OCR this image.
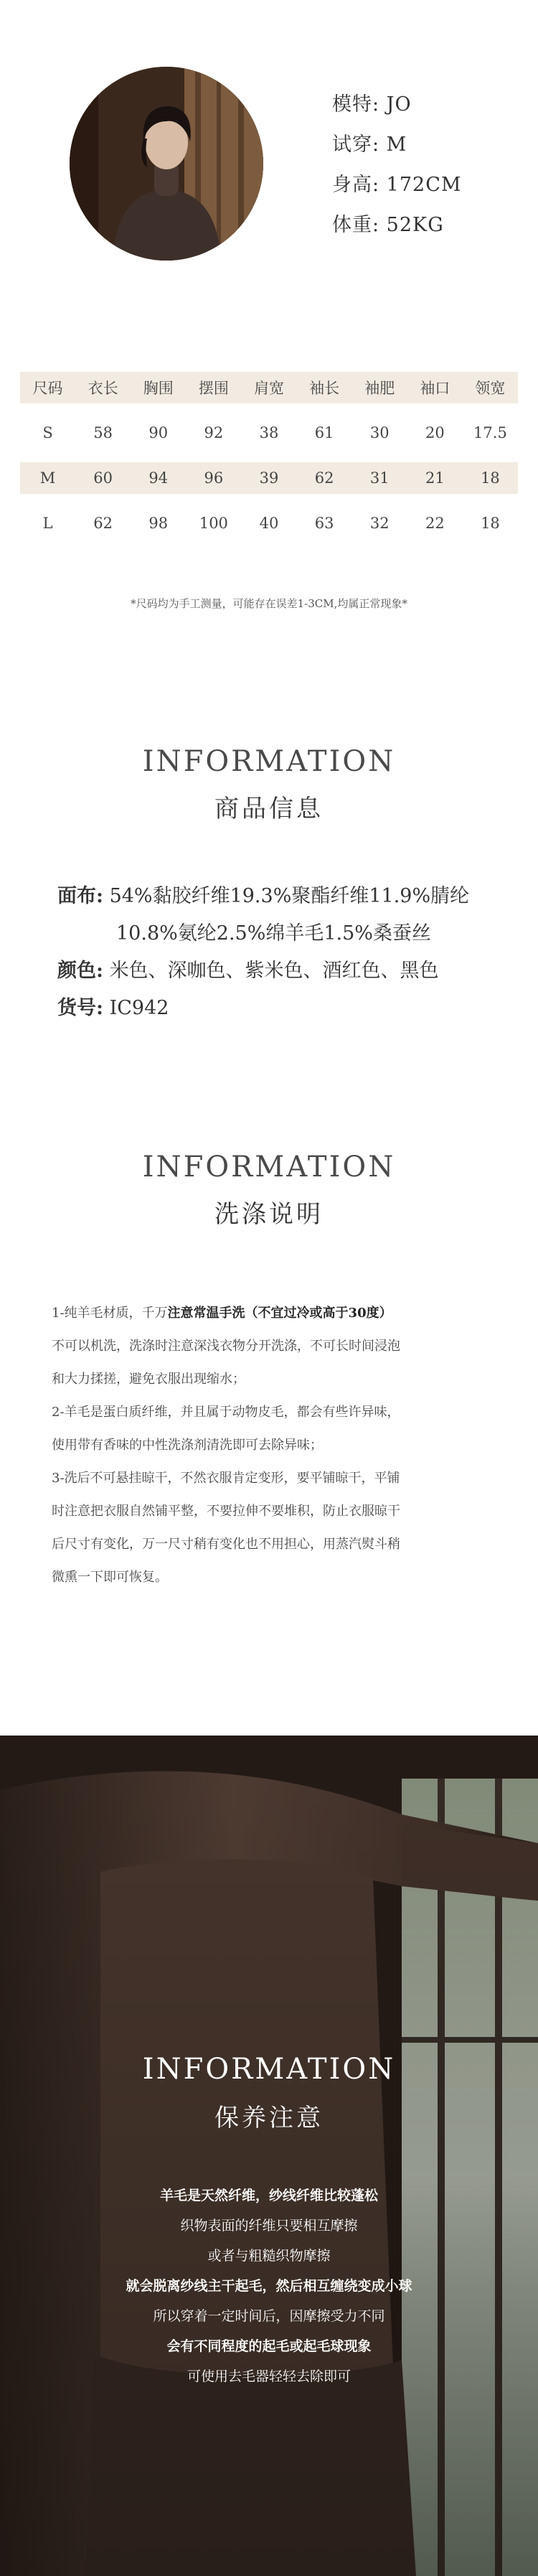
模特: JO
试穿: M
身高: 172CM
体重: 52KG
尺码	衣长	胸围	摆围	肩宽	袖长	袖肥	袖口	领宽
S	58	90	92	38	61	30	20	17.5
M	60	94	96	39	62	31	21	18
L	62	98	100	40	63	32	22	18
*尺码均为手工测量，可能存在误差1-3CM,均属正常现象*
INFORMATION
商品信息
面布: 54%黏胶纤维19.3%聚酯纤维11.9%腈纶
10.8%氨纶2.5%绵羊毛1.5%桑蚕丝
颜色: 米色、深咖色、紫米色、酒红色、黑色
货号: IC942
INFORMATION
洗涤说明
1-纯羊毛材质，千万注意常温手洗（不宜过冷或高于30度）
不可以机洗，洗涤时注意深浅衣物分开洗涤，不可长时间浸泡
和大力揉搓，避免衣服出现缩水；
2-羊毛是蛋白质纤维，并且属于动物皮毛，都会有些许异味，
使用带有香味的中性洗涤剂清洗即可去除异味；
3-洗后不可悬挂晾干，不然衣服肯定变形，要平铺晾干，平铺
时注意把衣服自然铺平整，不要拉伸不要堆积，防止衣服晾干
后尺寸有变化，万一尺寸稍有变化也不用担心，用蒸汽熨斗稍
微熏一下即可恢复。
INFORMATION
保养注意
羊毛是天然纤维，纱线纤维比较蓬松
织物表面的纤维只要相互摩擦
或者与粗糙织物摩擦
就会脱离纱线主干起毛，然后相互缠绕变成小球
所以穿着一定时间后，因摩擦受力不同
会有不同程度的起毛或起毛球现象
可使用去毛器轻轻去除即可
